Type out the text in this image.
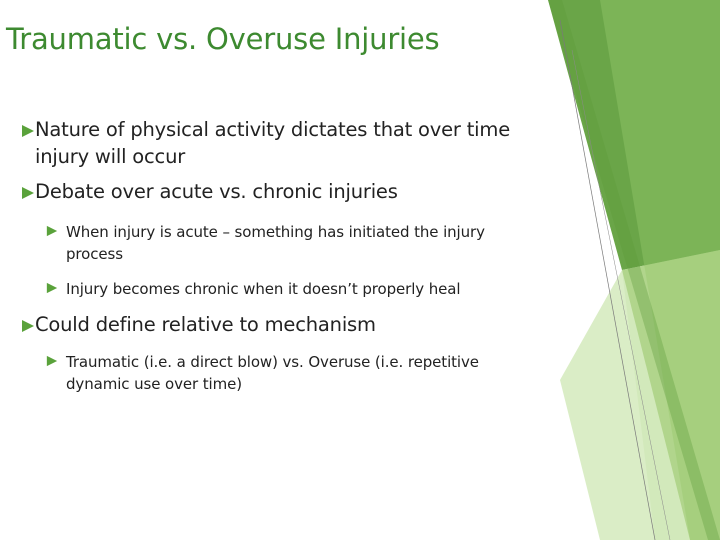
Traumatic vs. Overuse Injuries
Nature of physical activity dictates that over time
injury will occur
Debate over acute vs. chronic injuries
When injury is acute – something has initiated the injury
process
Injury becomes chronic when it doesn’t properly heal
Could define relative to mechanism
Traumatic (i.e. a direct blow) vs. Overuse (i.e. repetitive
dynamic use over time)
